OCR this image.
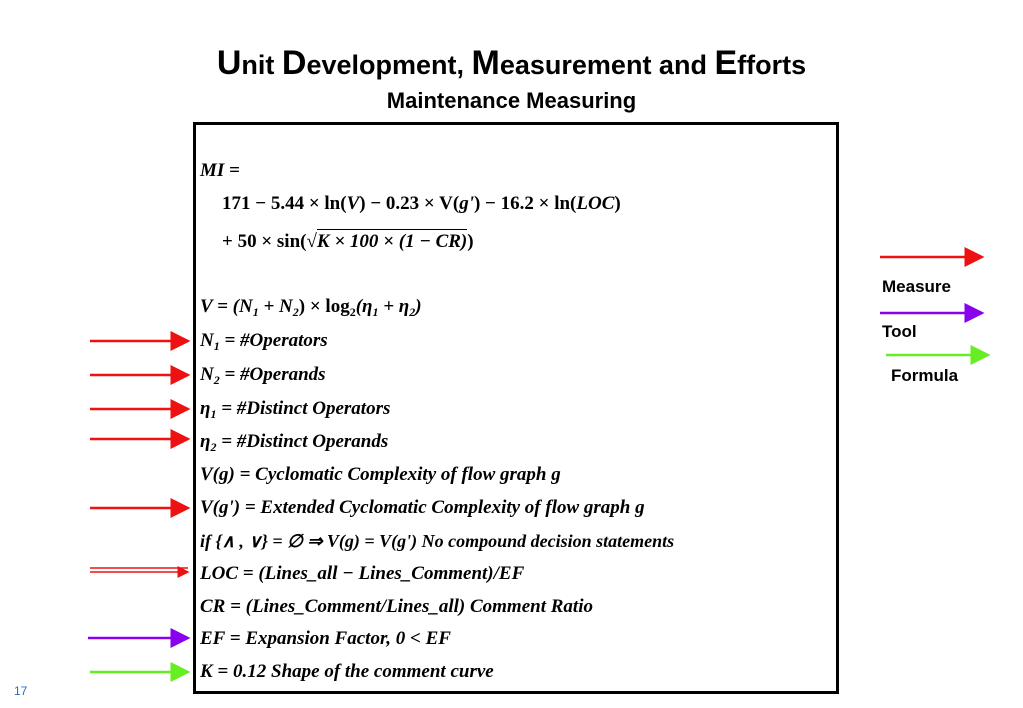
Unit Development, Measurement and Efforts
Maintenance Measuring
MI =
171 − 5.44 × ln(V) − 0.23 × V(g') − 16.2 × ln(LOC)
+ 50 × sin(√K × 100 × (1 − CR))
$V = (N_1 + N_2) \times \log_2(\eta_1 + \eta_2)$
$N_1$ = #Operators
$N_2$ = #Operands
$\eta_1$ = #Distinct Operators
$\eta_2$ = #Distinct Operands
V(g) = Cyclomatic Complexity of flow graph g
V(g') = Extended Cyclomatic Complexity of flow graph g
if {∧ , ∨} = ∅ ⇒ V(g) = V(g') No compound decision statements
LOC = (Lines_all − Lines_Comment)/EF
CR = (Lines_Comment/Lines_all) Comment Ratio
EF = Expansion Factor, 0 < EF
K = 0.12 Shape of the comment curve
Measure
Tool
Formula
17
